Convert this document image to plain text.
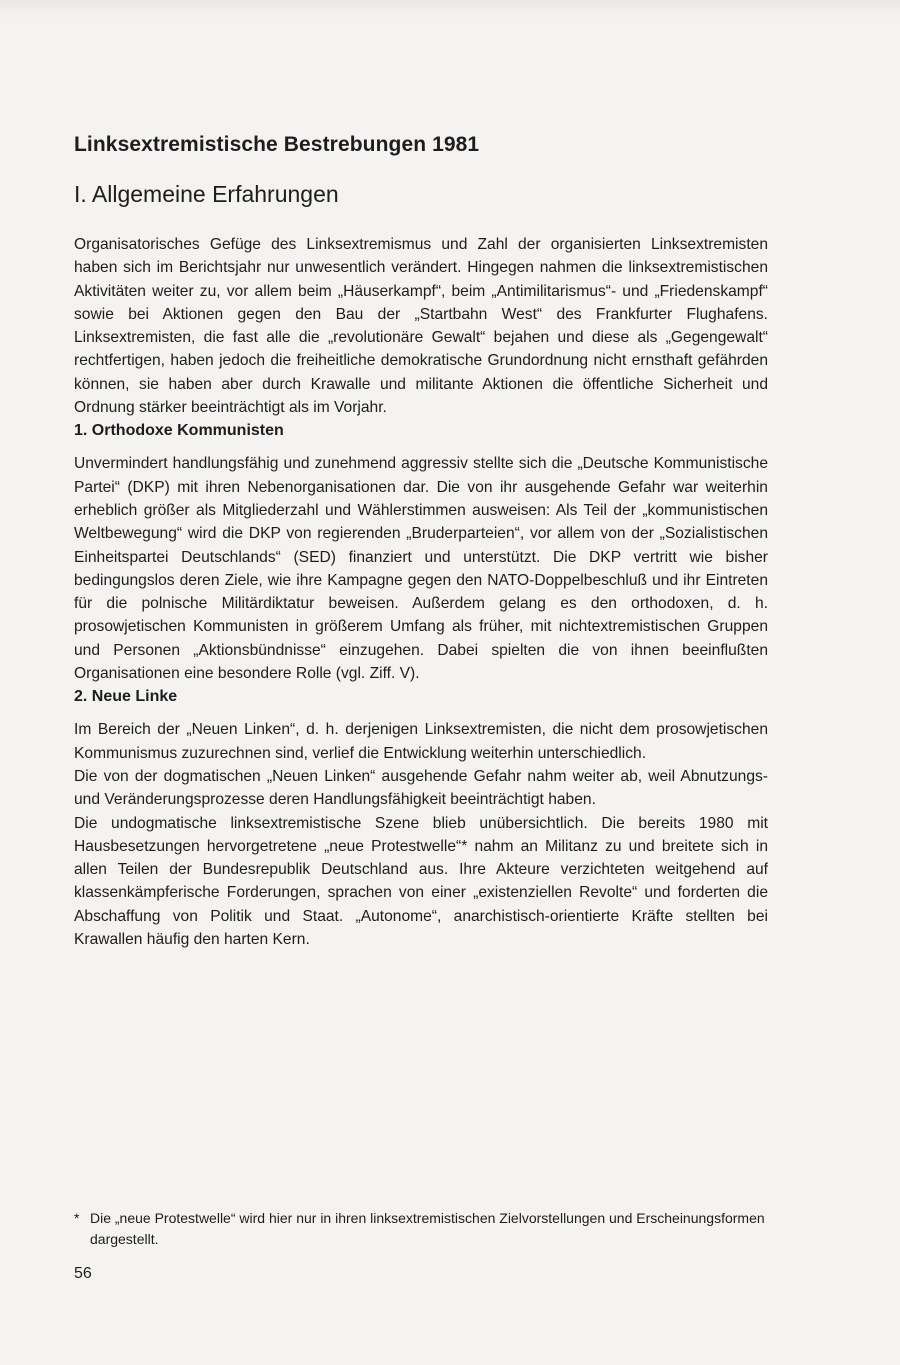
Linksextremistische Bestrebungen 1981
I. Allgemeine Erfahrungen

Organisatorisches Gefüge des Linksextremismus und Zahl der organisierten Linksextremisten haben sich im Berichtsjahr nur unwesentlich verändert. Hingegen nahmen die linksextremistischen Aktivitäten weiter zu, vor allem beim „Häuserkampf“, beim „Antimilitarismus“- und „Friedenskampf“ sowie bei Aktionen gegen den Bau der „Startbahn West“ des Frankfurter Flughafens. Linksextremisten, die fast alle die „revolutionäre Gewalt“ bejahen und diese als „Gegengewalt“ rechtfertigen, haben jedoch die freiheitliche demokratische Grundordnung nicht ernsthaft gefährden können, sie haben aber durch Krawalle und militante Aktionen die öffentliche Sicherheit und Ordnung stärker beeinträchtigt als im Vorjahr.

1. Orthodoxe Kommunisten

Unvermindert handlungsfähig und zunehmend aggressiv stellte sich die „Deutsche Kommunistische Partei“ (DKP) mit ihren Nebenorganisationen dar. Die von ihr ausgehende Gefahr war weiterhin erheblich größer als Mitgliederzahl und Wählerstimmen ausweisen: Als Teil der „kommunistischen Weltbewegung“ wird die DKP von regierenden „Bruderparteien“, vor allem von der „Sozialistischen Einheitspartei Deutschlands“ (SED) finanziert und unterstützt. Die DKP vertritt wie bisher bedingungslos deren Ziele, wie ihre Kampagne gegen den NATO-Doppelbeschluß und ihr Eintreten für die polnische Militärdiktatur beweisen. Außerdem gelang es den orthodoxen, d. h. prosowjetischen Kommunisten in größerem Umfang als früher, mit nichtextremistischen Gruppen und Personen „Aktionsbündnisse“ einzugehen. Dabei spielten die von ihnen beeinflußten Organisationen eine besondere Rolle (vgl. Ziff. V).

2. Neue Linke

Im Bereich der „Neuen Linken“, d. h. derjenigen Linksextremisten, die nicht dem prosowjetischen Kommunismus zuzurechnen sind, verlief die Entwicklung weiterhin unterschiedlich.

Die von der dogmatischen „Neuen Linken“ ausgehende Gefahr nahm weiter ab, weil Abnutzungs- und Veränderungsprozesse deren Handlungsfähigkeit beeinträchtigt haben.

Die undogmatische linksextremistische Szene blieb unübersichtlich. Die bereits 1980 mit Hausbesetzungen hervorgetretene „neue Protestwelle“* nahm an Militanz zu und breitete sich in allen Teilen der Bundesrepublik Deutschland aus. Ihre Akteure verzichteten weitgehend auf klassenkämpferische Forderungen, sprachen von einer „existenziellen Revolte“ und forderten die Abschaffung von Politik und Staat. „Autonome“, anarchistisch-orientierte Kräfte stellten bei Krawallen häufig den harten Kern.

* Die „neue Protestwelle“ wird hier nur in ihren linksextremistischen Zielvorstellungen und Erscheinungsformen dargestellt.
56
